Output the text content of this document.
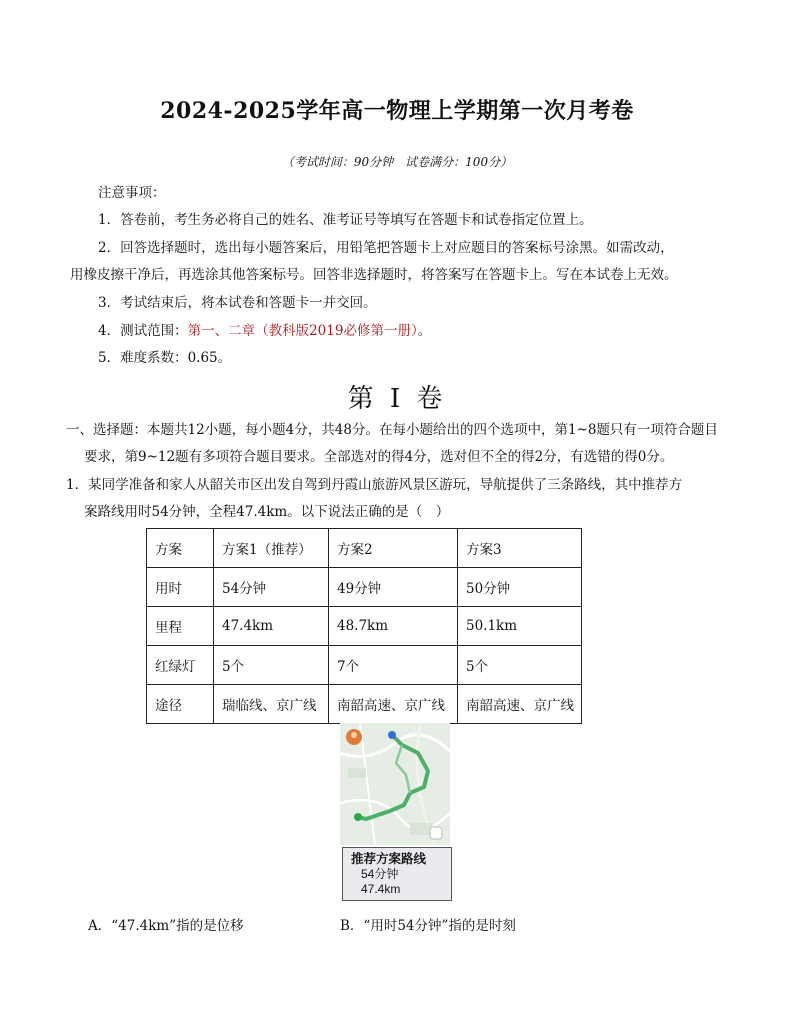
2024-2025学年高一物理上学期第一次月考卷
（考试时间：90分钟　试卷满分：100分）
注意事项：
1．答卷前，考生务必将自己的姓名、准考证号等填写在答题卡和试卷指定位置上。
2．回答选择题时，选出每小题答案后，用铅笔把答题卡上对应题目的答案标号涂黑。如需改动，
用橡皮擦干净后，再选涂其他答案标号。回答非选择题时，将答案写在答题卡上。写在本试卷上无效。
3．考试结束后，将本试卷和答题卡一并交回。
4．测试范围：第一、二章（教科版2019必修第一册）。
5．难度系数：0.65。
第 I 卷
一、选择题：本题共12小题，每小题4分，共48分。在每小题给出的四个选项中，第1~8题只有一项符合题目
要求，第9~12题有多项符合题目要求。全部选对的得4分，选对但不全的得2分，有选错的得0分。
1．某同学准备和家人从韶关市区出发自驾到丹霞山旅游风景区游玩，导航提供了三条路线，其中推荐方
案路线用时54分钟，全程47.4km。以下说法正确的是（　）
方案	方案1（推荐）	方案2	方案3
用时	54分钟	49分钟	50分钟
里程	47.4km	48.7km	50.1km
红绿灯	5个	7个	5个
途径	瑞临线、京广线	南韶高速、京广线	南韶高速、京广线
推荐方案路线
54分钟
47.4km
A．“47.4km”指的是位移	B．“用时54分钟”指的是时刻
